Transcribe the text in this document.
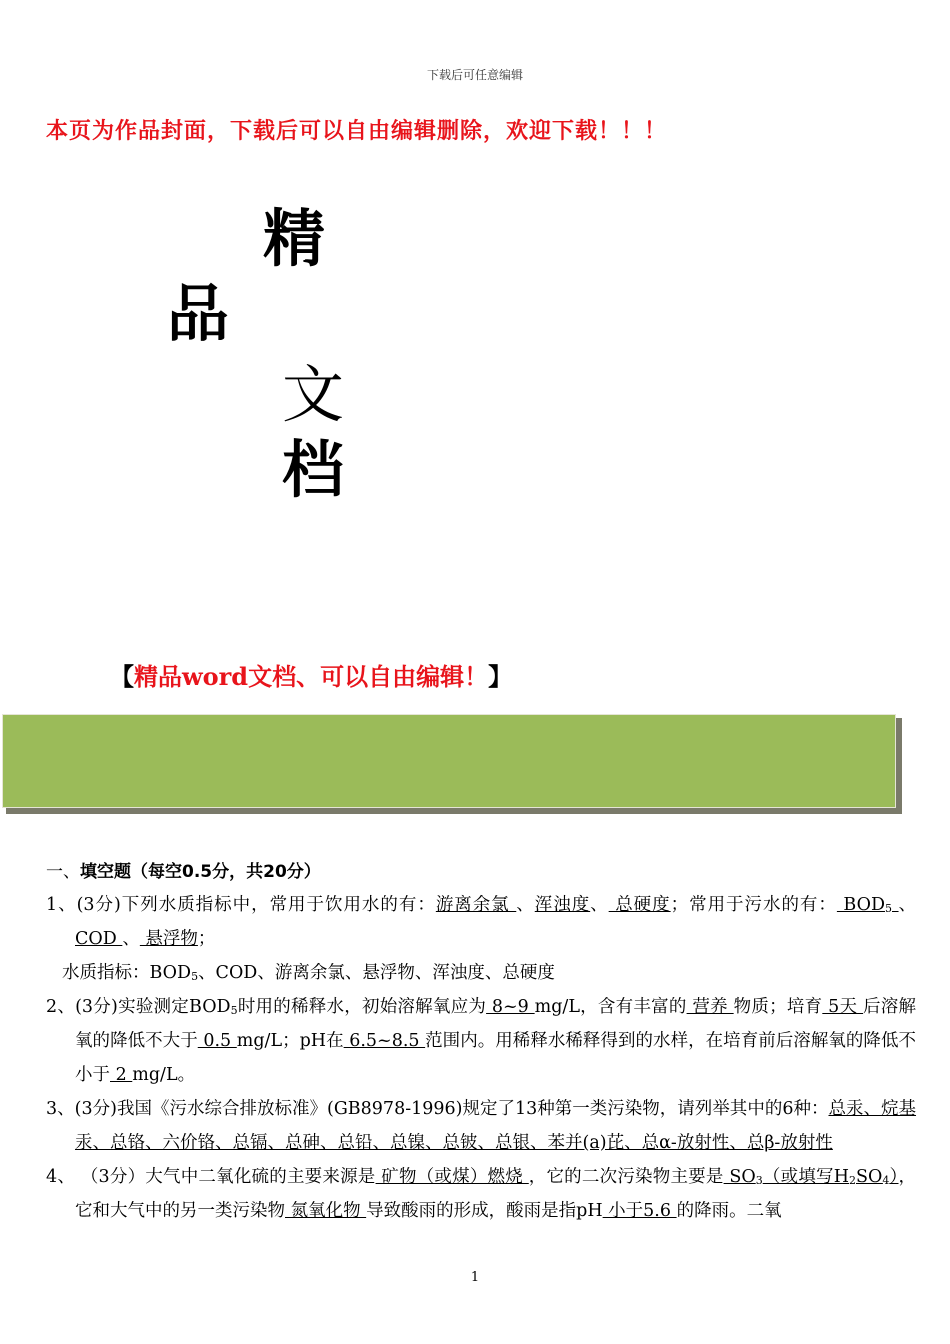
下载后可任意编辑
本页为作品封面，下载后可以自由编辑删除，欢迎下载！！！
精
品
文
档
【精品word文档、可以自由编辑！】
一、填空题（每空0.5分，共20分）
1、(3分)下列水质指标中，常用于饮用水的有：游离余氯 、浑浊度、 总硬度；常用于污水的有： $BOD_5$ 、 COD 、 悬浮物；
水质指标：$BOD_5$、COD、游离余氯、悬浮物、浑浊度、总硬度
2、(3分)实验测定$BOD_5$时用的稀释水，初始溶解氧应为 8~9 mg/L，含有丰富的 营养 物质；培育 5天 后溶解氧的降低不大于 0.5 mg/L；pH在 6.5~8.5 范围内。用稀释水稀释得到的水样，在培育前后溶解氧的降低不小于 2 mg/L。
3、(3分)我国《污水综合排放标准》(GB8978-1996)规定了13种第一类污染物，请列举其中的6种：总汞、烷基汞、总铬、六价铬、总镉、总砷、总铅、总镍、总铍、总银、苯并(a)芘、总α-放射性、总β-放射性
4、 （3分）大气中二氧化硫的主要来源是 矿物（或煤）燃烧 ，它的二次污染物主要是 $SO_3$（或填写$H_2SO_4$），它和大气中的另一类污染物 氮氧化物 导致酸雨的形成，酸雨是指pH 小于5.6 的降雨。二氧
1
